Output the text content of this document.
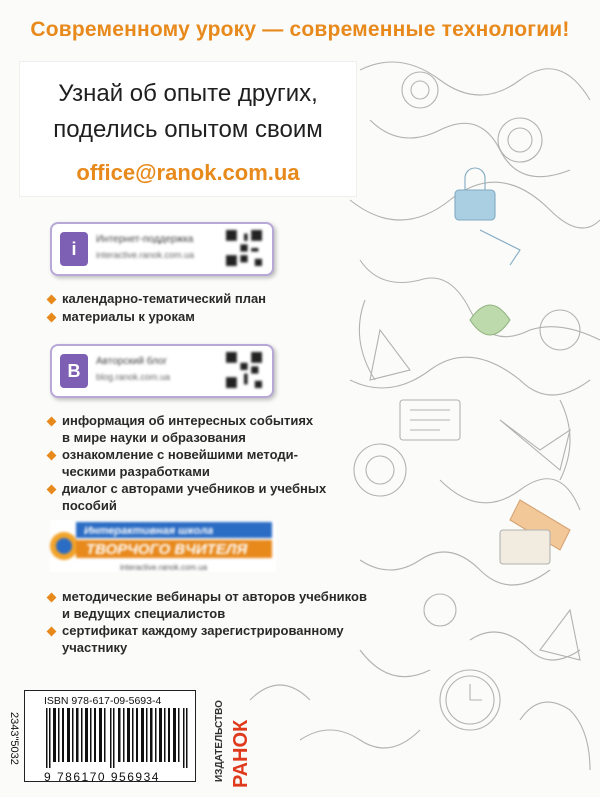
Современному уроку — современные технологии!
Узнай об опыте других,
поделись опытом своим
office@ranok.com.ua
i	Интернет-поддержка
interactive.ranok.com.ua
календарно-тематический план
материалы к урокам
B	Авторский блог
blog.ranok.com.ua
информация об интересных событиях
в мире науки и образования
ознакомление с новейшими методи-
ческими разработками
диалог с авторами учебников и учебных
пособий
Интерактивная школа
ТВОРЧОГО ВЧИТЕЛЯ
interactive.ranok.com.ua
методические вебинары от авторов учебников
и ведущих специалистов
сертификат каждому зарегистрированному
участнику
ISBN 978-617-09-5693-4
9 786170 956934
2343"5032	ИЗДАТЕЛЬСТВО РАНОК
